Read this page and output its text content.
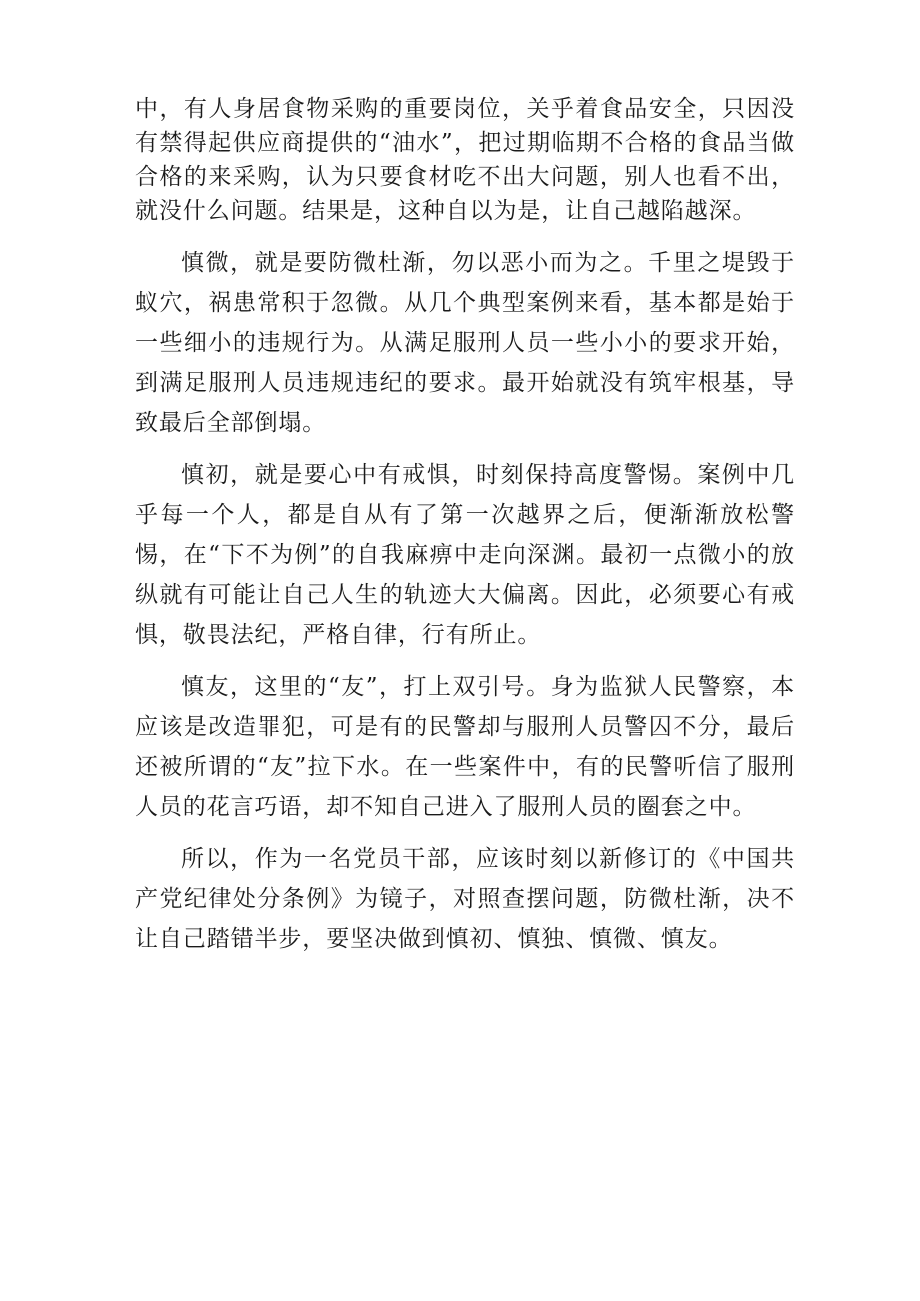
中，有人身居食物采购的重要岗位，关乎着食品安全，只因没有禁得起供应商提供的“油水”，把过期临期不合格的食品当做合格的来采购，认为只要食材吃不出大问题，别人也看不出，就没什么问题。结果是，这种自以为是，让自己越陷越深。

慎微，就是要防微杜渐，勿以恶小而为之。千里之堤毁于蚁穴，祸患常积于忽微。从几个典型案例来看，基本都是始于一些细小的违规行为。从满足服刑人员一些小小的要求开始，到满足服刑人员违规违纪的要求。最开始就没有筑牢根基，导致最后全部倒塌。

慎初，就是要心中有戒惧，时刻保持高度警惕。案例中几乎每一个人，都是自从有了第一次越界之后，便渐渐放松警惕，在“下不为例”的自我麻痹中走向深渊。最初一点微小的放纵就有可能让自己人生的轨迹大大偏离。因此，必须要心有戒惧，敬畏法纪，严格自律，行有所止。

慎友，这里的“友”，打上双引号。身为监狱人民警察，本应该是改造罪犯，可是有的民警却与服刑人员警囚不分，最后还被所谓的“友”拉下水。在一些案件中，有的民警听信了服刑人员的花言巧语，却不知自己进入了服刑人员的圈套之中。

所以，作为一名党员干部，应该时刻以新修订的《中国共产党纪律处分条例》为镜子，对照查摆问题，防微杜渐，决不让自己踏错半步，要坚决做到慎初、慎独、慎微、慎友。
